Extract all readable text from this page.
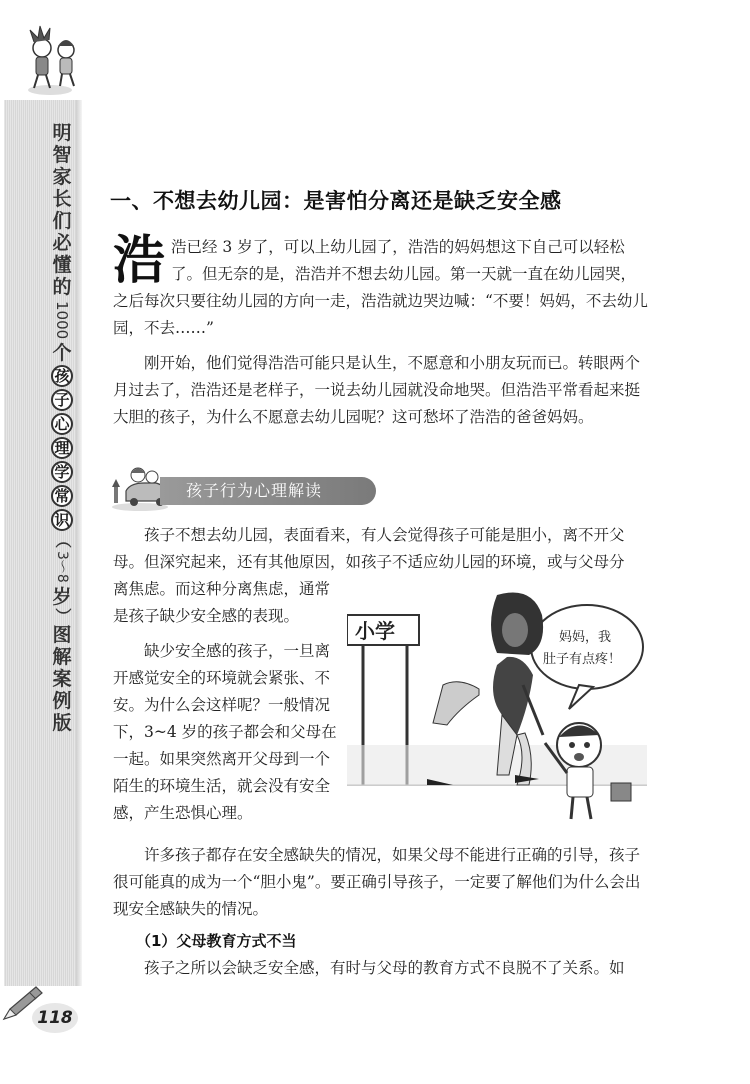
明
智
家
长
们
必
懂
的
1000
个
孩
子
心
理
学
常
识
（
3～8
岁
）
图
解
案
例
版
118
一、不想去幼儿园：是害怕分离还是缺乏安全感
浩 浩已经 3 岁了，可以上幼儿园了，浩浩的妈妈想这下自己可以轻松
了。但无奈的是，浩浩并不想去幼儿园。第一天就一直在幼儿园哭，
之后每次只要往幼儿园的方向一走，浩浩就边哭边喊：“不要！妈妈，不去幼儿园，不去……”
刚开始，他们觉得浩浩可能只是认生，不愿意和小朋友玩而已。转眼两个月过去了，浩浩还是老样子，一说去幼儿园就没命地哭。但浩浩平常看起来挺大胆的孩子，为什么不愿意去幼儿园呢？这可愁坏了浩浩的爸爸妈妈。
孩子行为心理解读
孩子不想去幼儿园，表面看来，有人会觉得孩子可能是胆小，离不开父母。但深究起来，还有其他原因，如孩子不适应幼儿园的环境，或与父母分
离焦虑。而这种分离焦虑，通常是孩子缺少安全感的表现。
缺少安全感的孩子，一旦离开感觉安全的环境就会紧张、不安。为什么会这样呢？一般情况下，3~4 岁的孩子都会和父母在一起。如果突然离开父母到一个陌生的环境生活，就会没有安全感，产生恐惧心理。
小学	妈妈，我
肚子有点疼！
许多孩子都存在安全感缺失的情况，如果父母不能进行正确的引导，孩子很可能真的成为一个“胆小鬼”。要正确引导孩子，一定要了解他们为什么会出现安全感缺失的情况。
（1）父母教育方式不当
孩子之所以会缺乏安全感，有时与父母的教育方式不良脱不了关系。如
